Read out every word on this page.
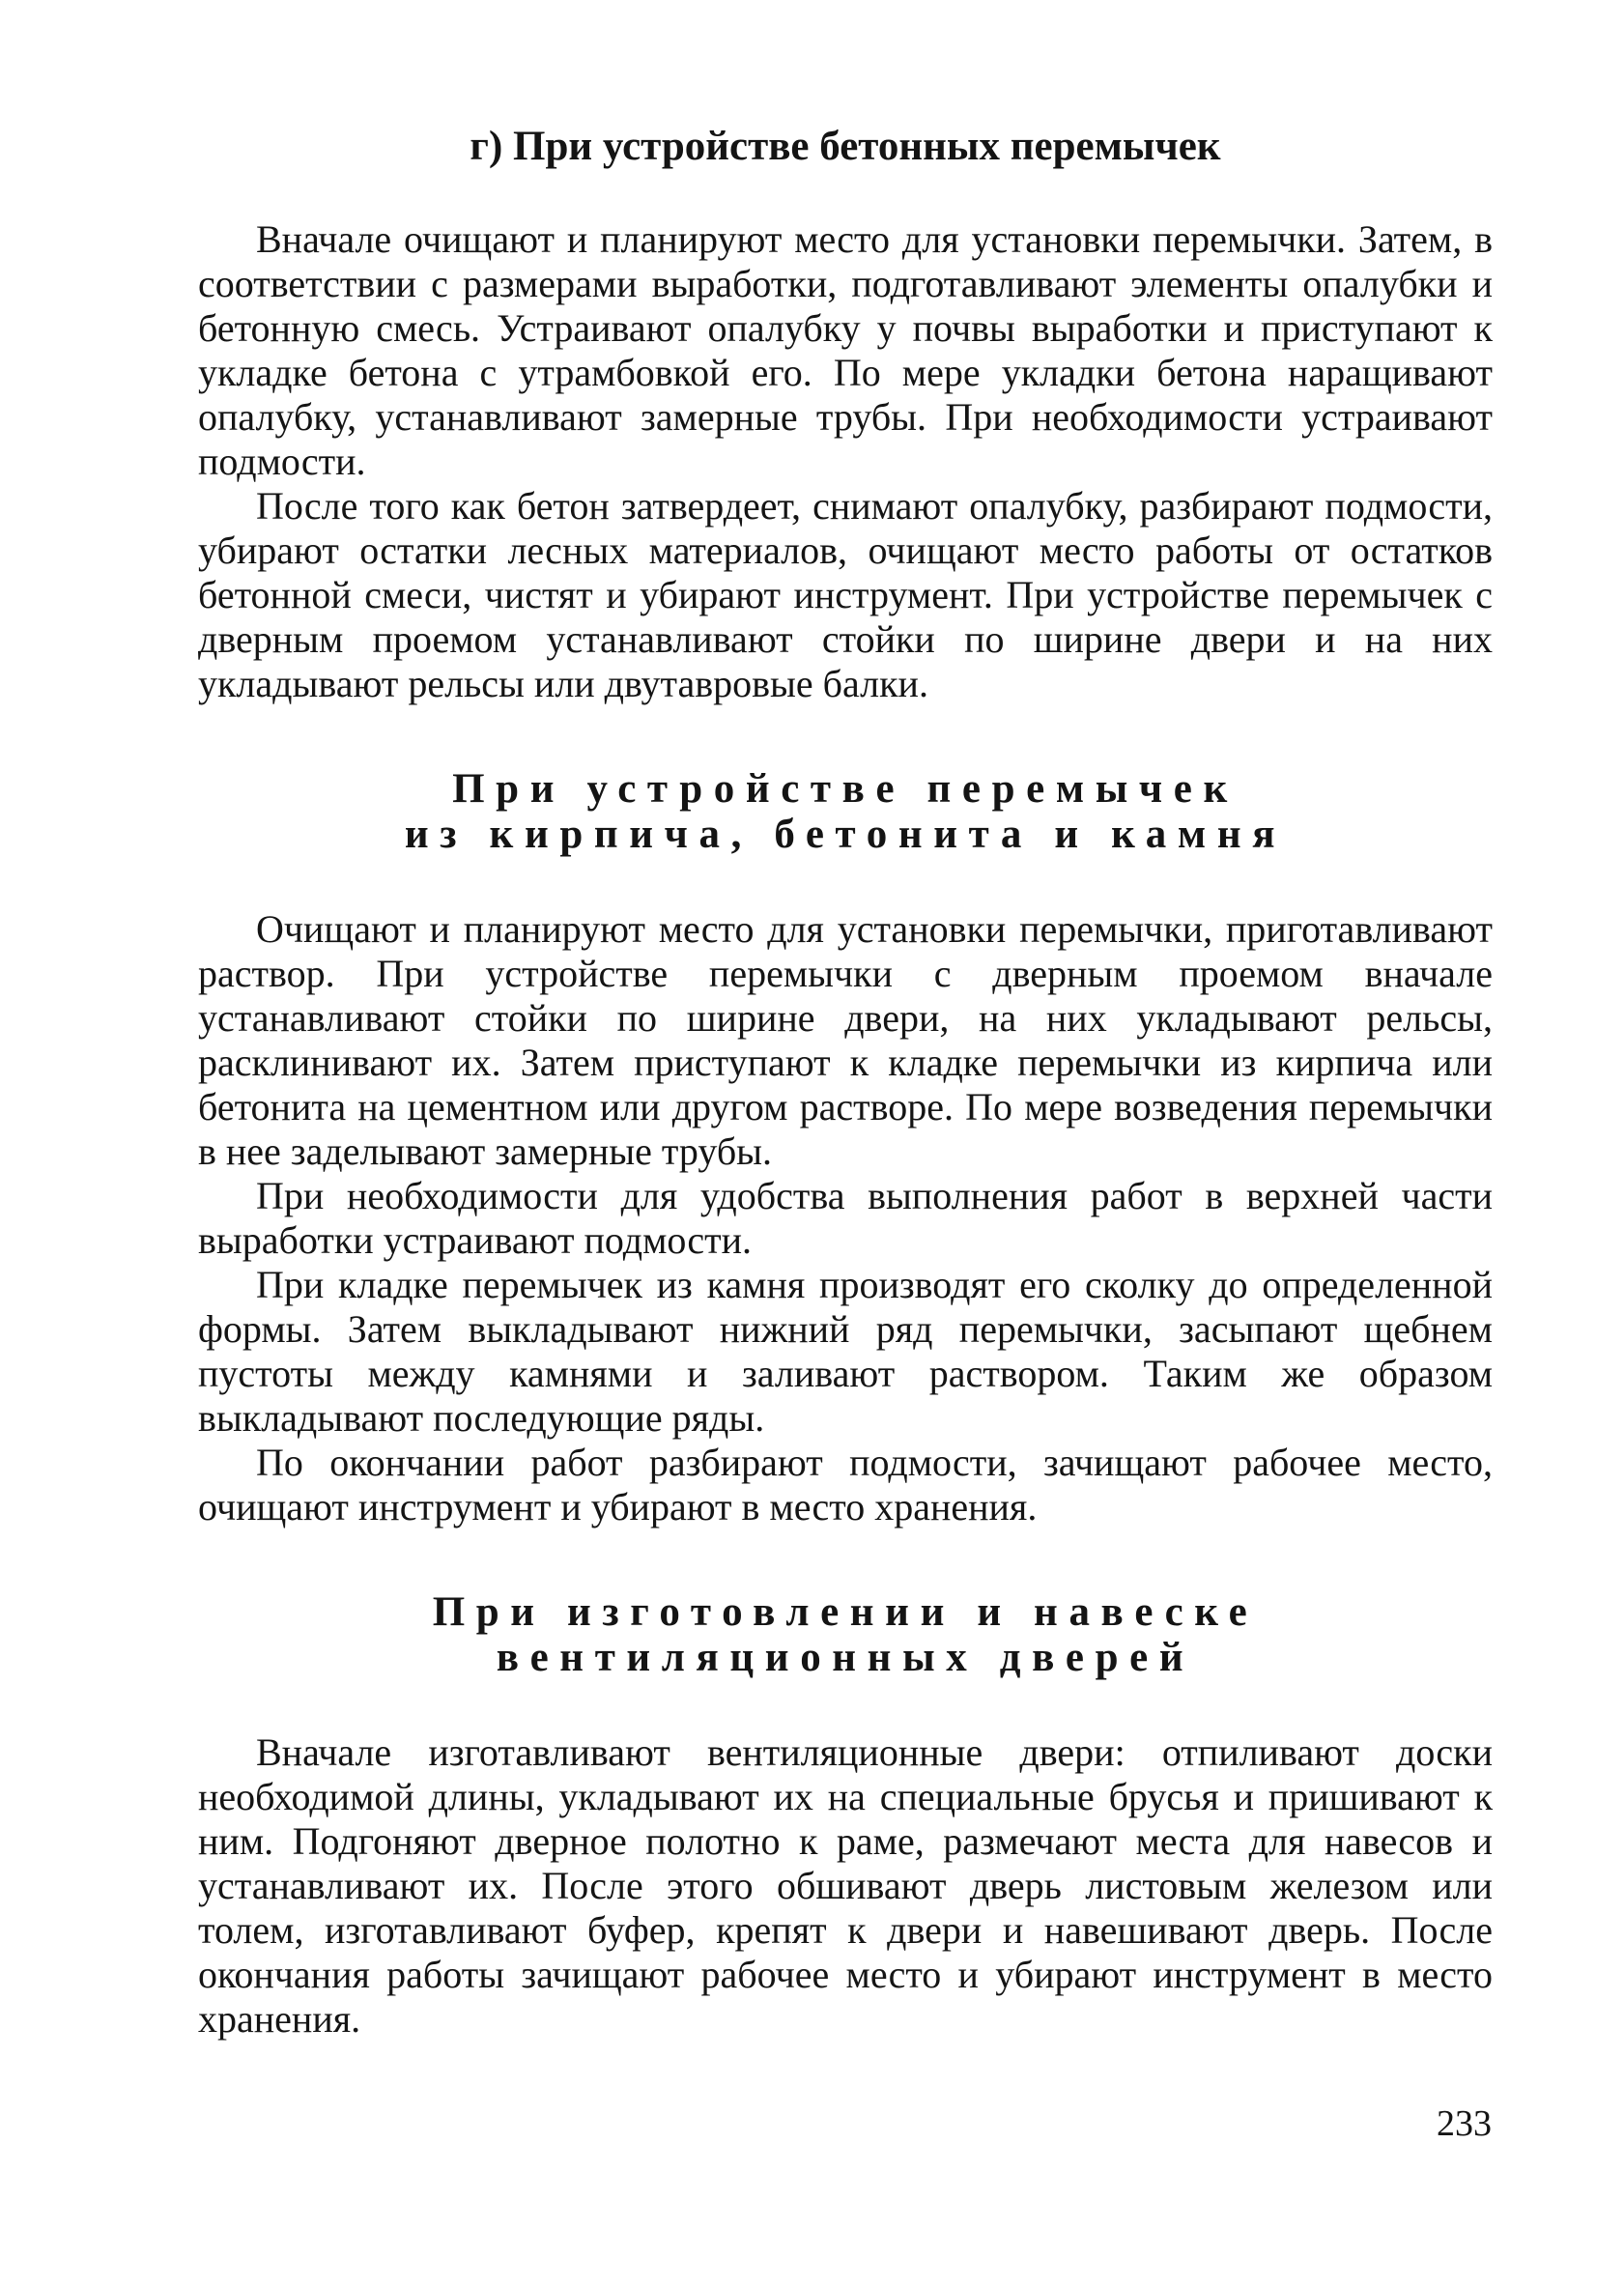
г) При устройстве бетонных перемычек

Вначале очищают и планируют место для установки перемычки. Затем, в соответствии с размерами выработки, подготавливают элементы опалубки и бетонную смесь. Устраивают опалубку у почвы выработки и приступают к укладке бетона с утрамбовкой его. По мере укладки бетона наращивают опалубку, устанавливают замерные трубы. При необходимости устраивают подмости.

После того как бетон затвердеет, снимают опалубку, разбирают подмости, убирают остатки лесных материалов, очищают место работы от остатков бетонной смеси, чистят и убирают инструмент. При устройстве перемычек с дверным проемом устанавливают стойки по ширине двери и на них укладывают рельсы или двутавровые балки.

При устройстве перемычек
из кирпича, бетонита и камня

Очищают и планируют место для установки перемычки, приготавливают раствор. При устройстве перемычки с дверным проемом вначале устанавливают стойки по ширине двери, на них укладывают рельсы, расклинивают их. Затем приступают к кладке перемычки из кирпича или бетонита на цементном или другом растворе. По мере возведения перемычки в нее заделывают замерные трубы.

При необходимости для удобства выполнения работ в верхней части выработки устраивают подмости.

При кладке перемычек из камня производят его сколку до определенной формы. Затем выкладывают нижний ряд перемычки, засыпают щебнем пустоты между камнями и заливают раствором. Таким же образом выкладывают последующие ряды.

По окончании работ разбирают подмости, зачищают рабочее место, очищают инструмент и убирают в место хранения.

При изготовлении и навеске
вентиляционных дверей

Вначале изготавливают вентиляционные двери: отпиливают доски необходимой длины, укладывают их на специальные брусья и пришивают к ним. Подгоняют дверное полотно к раме, размечают места для навесов и устанавливают их. После этого обшивают дверь листовым железом или толем, изготавливают буфер, крепят к двери и навешивают дверь. После окончания работы зачищают рабочее место и убирают инструмент в место хранения.

233
